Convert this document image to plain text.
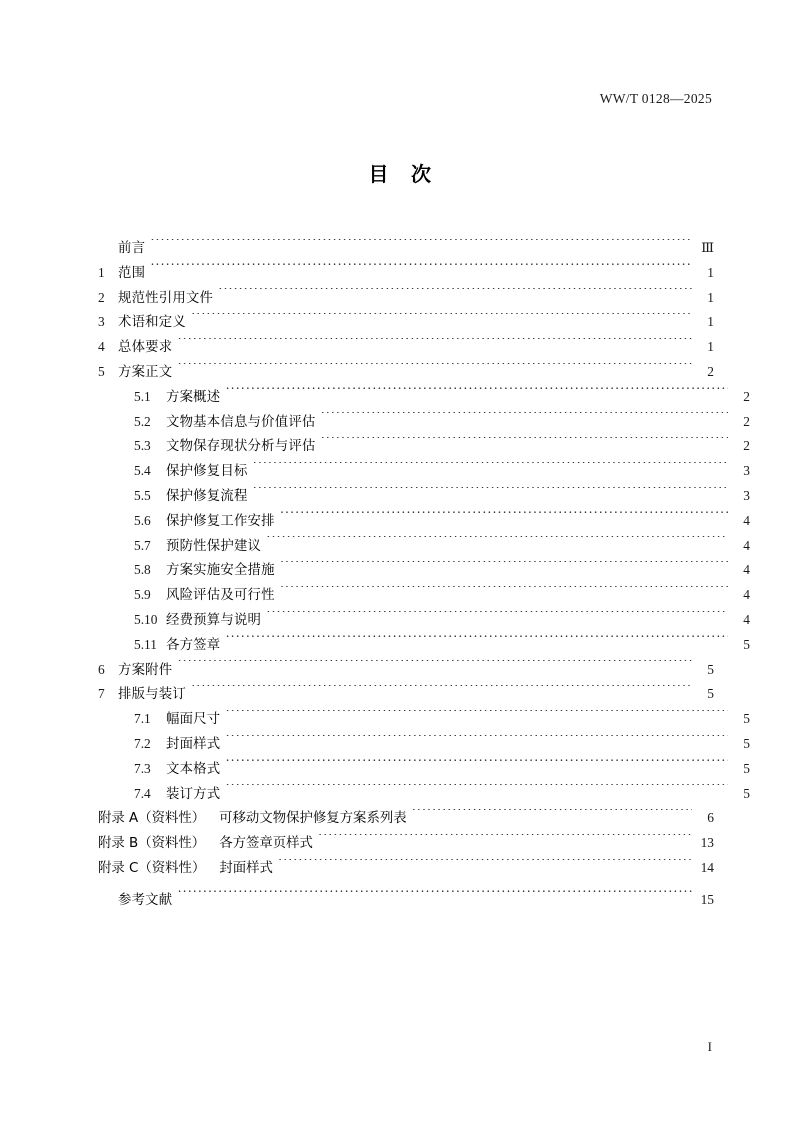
WW/T 0128—2025
目 次
前言 ·····	Ⅲ
1 范围 ·····	1
2 规范性引用文件 ·····	1
3 术语和定义 ·····	1
4 总体要求 ·····	1
5 方案正文 ·····	2
5.1	方案概述 ·····	2
5.2	文物基本信息与价值评估 ·····	2
5.3	文物保存现状分析与评估 ·····	2
5.4	保护修复目标 ·····	3
5.5	保护修复流程 ·····	3
5.6	保护修复工作安排 ·····	4
5.7	预防性保护建议 ·····	4
5.8	方案实施安全措施 ·····	4
5.9	风险评估及可行性 ·····	4
5.10 经费预算与说明 ·····	4
5.11 各方签章 ·····	5
6 方案附件 ·····	5
7 排版与装订 ·····	5
7.1	幅面尺寸 ·····	5
7.2	封面样式 ·····	5
7.3	文本格式 ·····	5
7.4	装订方式 ·····	5
附录 A（资料性） 可移动文物保护修复方案系列表 ·····	6
附录 B（资料性） 各方签章页样式 ·····	13
附录 C（资料性） 封面样式 ·····	14
参考文献 ·····	15
I
